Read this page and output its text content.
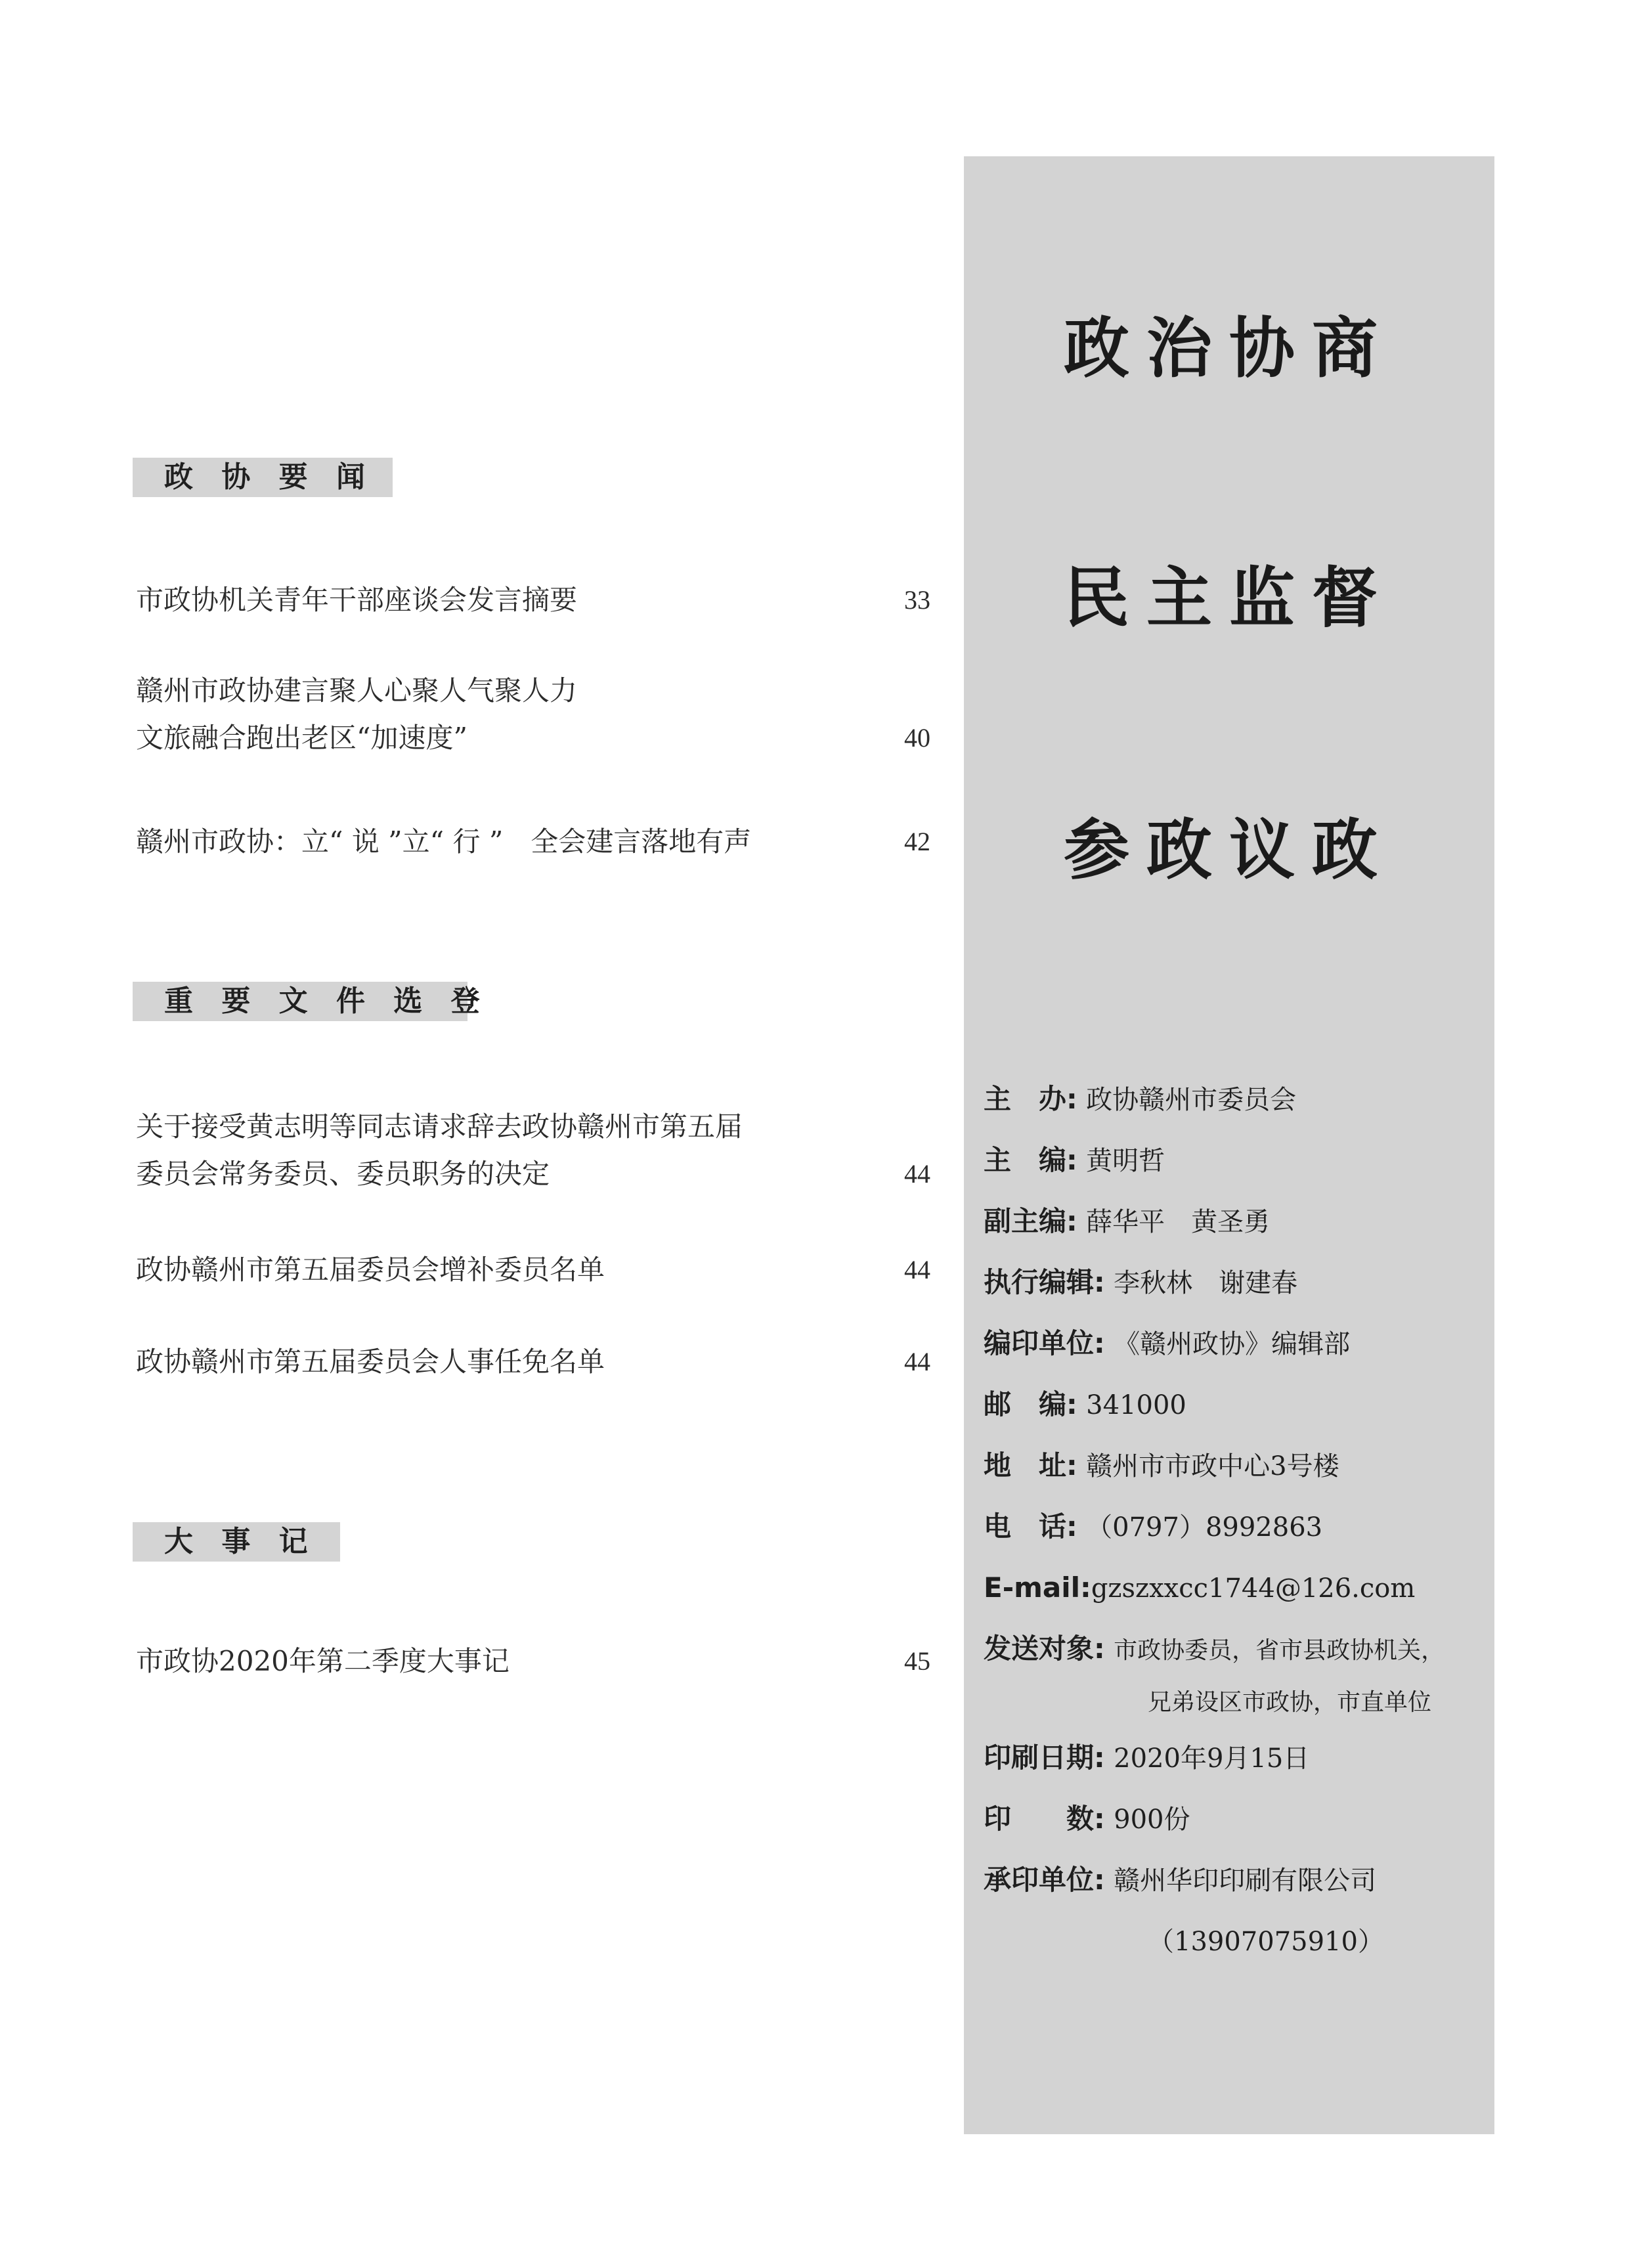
政 协 要 闻
市政协机关青年干部座谈会发言摘要	33
赣州市政协建言聚人心聚人气聚人力
文旅融合跑出老区“加速度”	40
赣州市政协：立“ 说 ”立“ 行 ”　全会建言落地有声	42
重 要 文 件 选 登
关于接受黄志明等同志请求辞去政协赣州市第五届
委员会常务委员、委员职务的决定	44
政协赣州市第五届委员会增补委员名单	44
政协赣州市第五届委员会人事任免名单	44
大 事 记
市政协2020年第二季度大事记	45
政治协商
民主监督
参政议政
主　办: 政协赣州市委员会
主　编: 黄明哲
副主编: 薛华平　黄圣勇
执行编辑: 李秋林　谢建春
编印单位: 《赣州政协》编辑部
邮　编: 341000
地　址: 赣州市市政中心3号楼
电　话: （0797）8992863
E-mail:gzszxxcc1744@126.com
发送对象: 市政协委员，省市县政协机关，
兄弟设区市政协，市直单位
印刷日期: 2020年9月15日
印　　数: 900份
承印单位: 赣州华印印刷有限公司
（13907075910）
